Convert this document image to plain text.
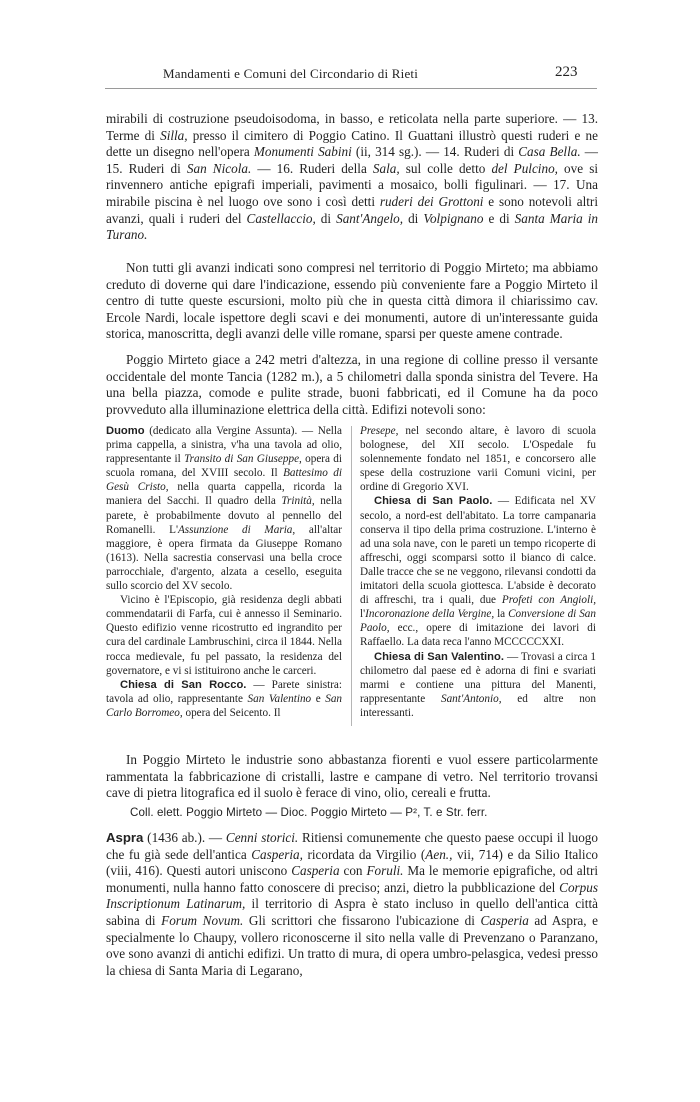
Mandamenti e Comuni del Circondario di Rieti	223

mirabili di costruzione pseudoisodoma, in basso, e reticolata nella parte superiore. — 13. Terme di Silla, presso il cimitero di Poggio Catino. Il Guattani illustrò questi ruderi e ne dette un disegno nell'opera Monumenti Sabini (ii, 314 sg.). — 14. Ruderi di Casa Bella. — 15. Ruderi di San Nicola. — 16. Ruderi della Sala, sul colle detto del Pulcino, ove si rinvennero antiche epigrafi imperiali, pavimenti a mosaico, bolli figulinari. — 17. Una mirabile piscina è nel luogo ove sono i così detti ruderi dei Grottoni e sono notevoli altri avanzi, quali i ruderi del Castellaccio, di Sant'Angelo, di Volpignano e di Santa Maria in Turano.

Non tutti gli avanzi indicati sono compresi nel territorio di Poggio Mirteto; ma abbiamo creduto di doverne qui dare l'indicazione, essendo più conveniente fare a Poggio Mirteto il centro di tutte queste escursioni, molto più che in questa città dimora il chiarissimo cav. Ercole Nardi, locale ispettore degli scavi e dei monumenti, autore di un'interessante guida storica, manoscritta, degli avanzi delle ville romane, sparsi per queste amene contrade.

Poggio Mirteto giace a 242 metri d'altezza, in una regione di colline presso il versante occidentale del monte Tancia (1282 m.), a 5 chilometri dalla sponda sinistra del Tevere. Ha una bella piazza, comode e pulite strade, buoni fabbricati, ed il Comune ha da poco provveduto alla illuminazione elettrica della città. Edifizi notevoli sono:

Duomo (dedicato alla Vergine Assunta). — Nella prima cappella, a sinistra, v'ha una tavola ad olio, rappresentante il Transito di San Giuseppe, opera di scuola romana, del XVIII secolo. Il Battesimo di Gesù Cristo, nella quarta cappella, ricorda la maniera del Sacchi. Il quadro della Trinità, nella parete, è probabilmente dovuto al pennello del Romanelli. L'Assunzione di Maria, all'altar maggiore, è opera firmata da Giuseppe Romano (1613). Nella sacrestia conservasi una bella croce parrocchiale, d'argento, alzata a cesello, eseguita sullo scorcio del XV secolo.

Vicino è l'Episcopio, già residenza degli abbati commendatarii di Farfa, cui è annesso il Seminario. Questo edifizio venne ricostrutto ed ingrandito per cura del cardinale Lambruschini, circa il 1844. Nella rocca medievale, fu pel passato, la residenza del governatore, e vi si istituirono anche le carceri.

Chiesa di San Rocco. — Parete sinistra: tavola ad olio, rappresentante San Valentino e San Carlo Borromeo, opera del Seicento. Il

Presepe, nel secondo altare, è lavoro di scuola bolognese, del XII secolo. L'Ospedale fu solennemente fondato nel 1851, e concorsero alle spese della costruzione varii Comuni vicini, per ordine di Gregorio XVI.

Chiesa di San Paolo. — Edificata nel XV secolo, a nord-est dell'abitato. La torre campanaria conserva il tipo della prima costruzione. L'interno è ad una sola nave, con le pareti un tempo ricoperte di affreschi, oggi scomparsi sotto il bianco di calce. Dalle tracce che se ne veggono, rilevansi condotti da imitatori della scuola giottesca. L'abside è decorato di affreschi, tra i quali, due Profeti con Angioli, l'Incoronazione della Vergine, la Conversione di San Paolo, ecc., opere di imitazione dei lavori di Raffaello. La data reca l'anno MCCCCCXXI.

Chiesa di San Valentino. — Trovasi a circa 1 chilometro dal paese ed è adorna di fini e svariati marmi e contiene una pittura del Manenti, rappresentante Sant'Antonio, ed altre non interessanti.

In Poggio Mirteto le industrie sono abbastanza fiorenti e vuol essere particolarmente rammentata la fabbricazione di cristalli, lastre e campane di vetro. Nel territorio trovansi cave di pietra litografica ed il suolo è ferace di vino, olio, cereali e frutta.

Coll. elett. Poggio Mirteto — Dioc. Poggio Mirteto — P², T. e Str. ferr.

Aspra (1436 ab.). — Cenni storici. Ritiensi comunemente che questo paese occupi il luogo che fu già sede dell'antica Casperia, ricordata da Virgilio (Aen., vii, 714) e da Silio Italico (viii, 416). Questi autori uniscono Casperia con Foruli. Ma le memorie epigrafiche, od altri monumenti, nulla hanno fatto conoscere di preciso; anzi, dietro la pubblicazione del Corpus Inscriptionum Latinarum, il territorio di Aspra è stato incluso in quello dell'antica città sabina di Forum Novum. Gli scrittori che fissarono l'ubicazione di Casperia ad Aspra, e specialmente lo Chaupy, vollero riconoscerne il sito nella valle di Prevenzano o Paranzano, ove sono avanzi di antichi edifizi. Un tratto di mura, di opera umbro-pelasgica, vedesi presso la chiesa di Santa Maria di Legarano,
